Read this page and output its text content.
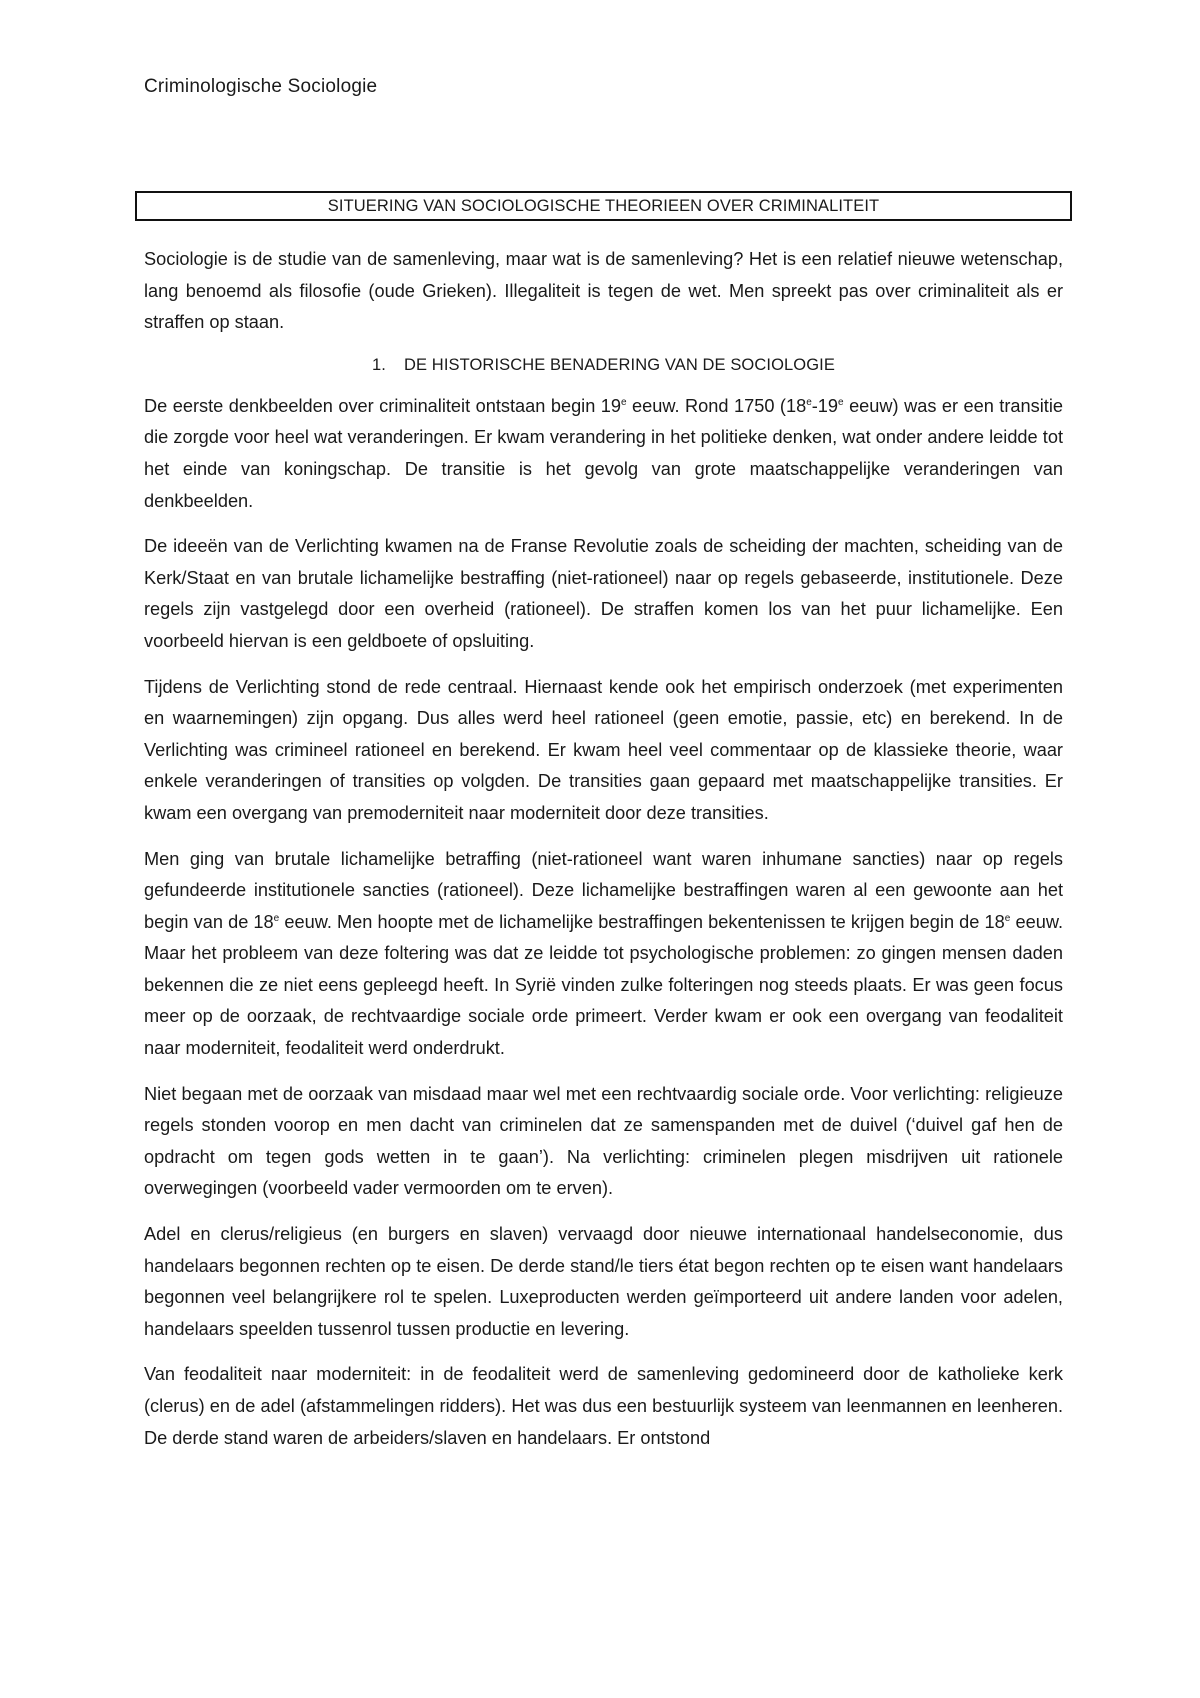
Criminologische Sociologie
SITUERING VAN SOCIOLOGISCHE THEORIEEN OVER CRIMINALITEIT

Sociologie is de studie van de samenleving, maar wat is de samenleving? Het is een relatief nieuwe wetenschap, lang benoemd als filosofie (oude Grieken). Illegaliteit is tegen de wet. Men spreekt pas over criminaliteit als er straffen op staan.

1. DE HISTORISCHE BENADERING VAN DE SOCIOLOGIE

De eerste denkbeelden over criminaliteit ontstaan begin 19e eeuw. Rond 1750 (18e-19e eeuw) was er een transitie die zorgde voor heel wat veranderingen. Er kwam verandering in het politieke denken, wat onder andere leidde tot het einde van koningschap. De transitie is het gevolg van grote maatschappelijke veranderingen van denkbeelden.

De ideeën van de Verlichting kwamen na de Franse Revolutie zoals de scheiding der machten, scheiding van de Kerk/Staat en van brutale lichamelijke bestraffing (niet-rationeel) naar op regels gebaseerde, institutionele. Deze regels zijn vastgelegd door een overheid (rationeel). De straffen komen los van het puur lichamelijke. Een voorbeeld hiervan is een geldboete of opsluiting.

Tijdens de Verlichting stond de rede centraal. Hiernaast kende ook het empirisch onderzoek (met experimenten en waarnemingen) zijn opgang. Dus alles werd heel rationeel (geen emotie, passie, etc) en berekend. In de Verlichting was crimineel rationeel en berekend. Er kwam heel veel commentaar op de klassieke theorie, waar enkele veranderingen of transities op volgden. De transities gaan gepaard met maatschappelijke transities. Er kwam een overgang van premoderniteit naar moderniteit door deze transities.

Men ging van brutale lichamelijke betraffing (niet-rationeel want waren inhumane sancties) naar op regels gefundeerde institutionele sancties (rationeel). Deze lichamelijke bestraffingen waren al een gewoonte aan het begin van de 18e eeuw. Men hoopte met de lichamelijke bestraffingen bekentenissen te krijgen begin de 18e eeuw. Maar het probleem van deze foltering was dat ze leidde tot psychologische problemen: zo gingen mensen daden bekennen die ze niet eens gepleegd heeft. In Syrië vinden zulke folteringen nog steeds plaats. Er was geen focus meer op de oorzaak, de rechtvaardige sociale orde primeert. Verder kwam er ook een overgang van feodaliteit naar moderniteit, feodaliteit werd onderdrukt.

Niet begaan met de oorzaak van misdaad maar wel met een rechtvaardig sociale orde. Voor verlichting: religieuze regels stonden voorop en men dacht van criminelen dat ze samenspanden met de duivel (‘duivel gaf hen de opdracht om tegen gods wetten in te gaan’). Na verlichting: criminelen plegen misdrijven uit rationele overwegingen (voorbeeld vader vermoorden om te erven).

Adel en clerus/religieus (en burgers en slaven) vervaagd door nieuwe internationaal handelseconomie, dus handelaars begonnen rechten op te eisen. De derde stand/le tiers état begon rechten op te eisen want handelaars begonnen veel belangrijkere rol te spelen. Luxeproducten werden geïmporteerd uit andere landen voor adelen, handelaars speelden tussenrol tussen productie en levering.

Van feodaliteit naar moderniteit: in de feodaliteit werd de samenleving gedomineerd door de katholieke kerk (clerus) en de adel (afstammelingen ridders). Het was dus een bestuurlijk systeem van leenmannen en leenheren. De derde stand waren de arbeiders/slaven en handelaars. Er ontstond
